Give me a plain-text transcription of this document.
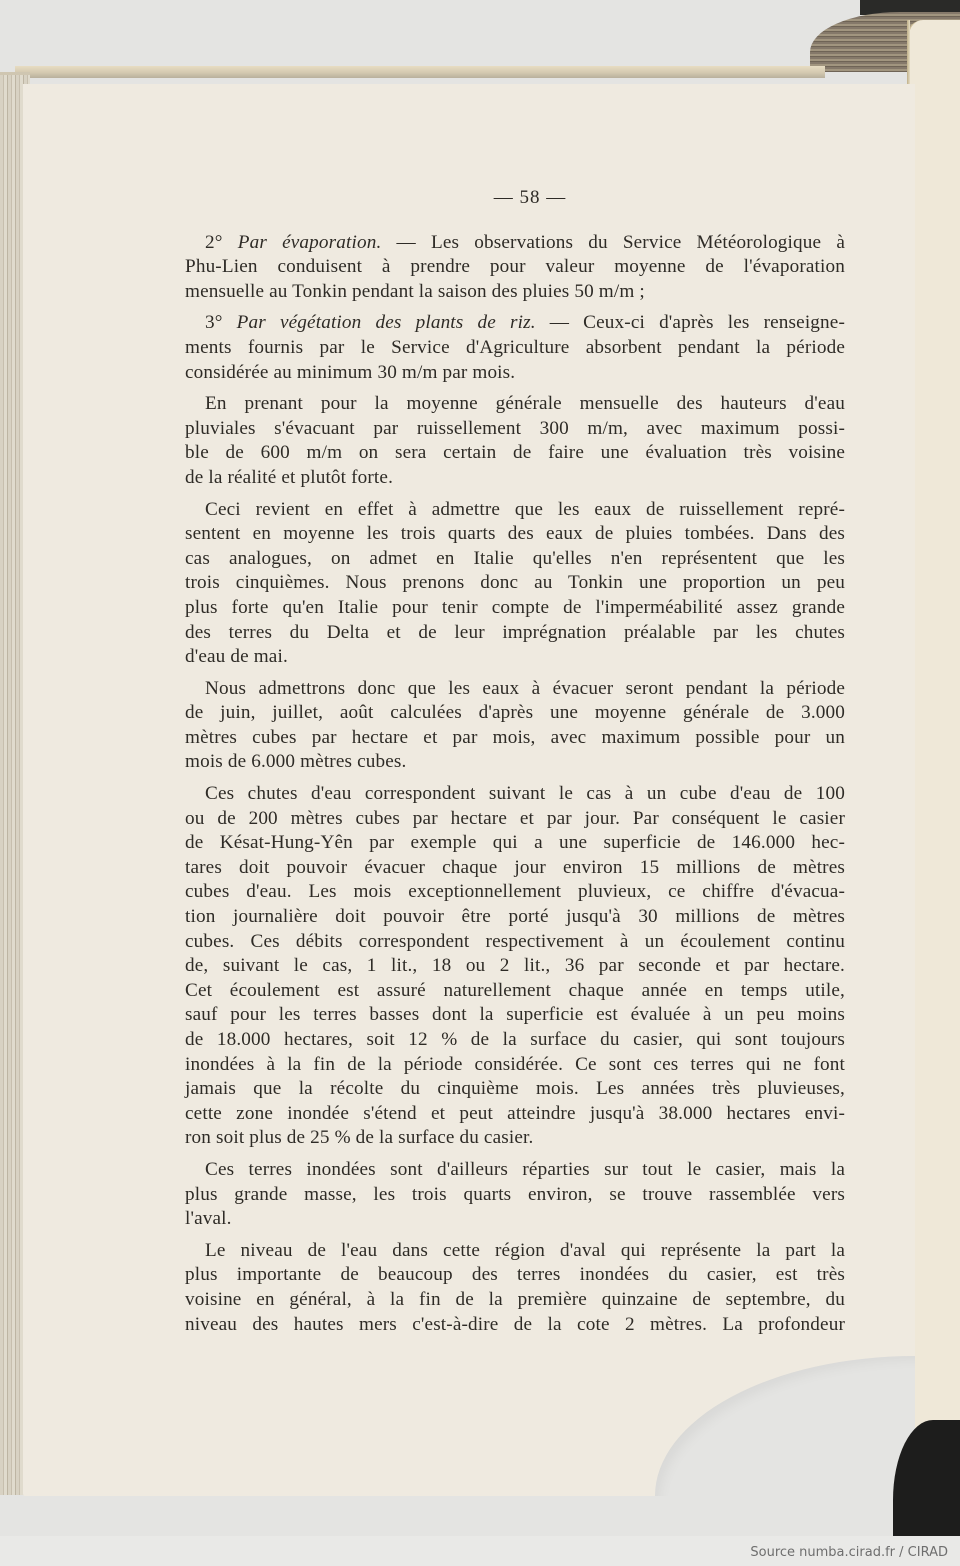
— 58 —

2° Par évaporation. — Les observations du Service Météorologique à
Phu-Lien conduisent à prendre pour valeur moyenne de l'évaporation
mensuelle au Tonkin pendant la saison des pluies 50 m/m ;

3° Par végétation des plants de riz. — Ceux-ci d'après les renseigne-
ments fournis par le Service d'Agriculture absorbent pendant la période
considérée au minimum 30 m/m par mois.

En prenant pour la moyenne générale mensuelle des hauteurs d'eau
pluviales s'évacuant par ruissellement 300 m/m, avec maximum possi-
ble de 600 m/m on sera certain de faire une évaluation très voisine
de la réalité et plutôt forte.

Ceci revient en effet à admettre que les eaux de ruissellement repré-
sentent en moyenne les trois quarts des eaux de pluies tombées. Dans des
cas analogues, on admet en Italie qu'elles n'en représentent que les
trois cinquièmes. Nous prenons donc au Tonkin une proportion un peu
plus forte qu'en Italie pour tenir compte de l'imperméabilité assez grande
des terres du Delta et de leur imprégnation préalable par les chutes
d'eau de mai.

Nous admettrons donc que les eaux à évacuer seront pendant la période
de juin, juillet, août calculées d'après une moyenne générale de 3.000
mètres cubes par hectare et par mois, avec maximum possible pour un
mois de 6.000 mètres cubes.

Ces chutes d'eau correspondent suivant le cas à un cube d'eau de 100
ou de 200 mètres cubes par hectare et par jour. Par conséquent le casier
de Késat-Hung-Yên par exemple qui a une superficie de 146.000 hec-
tares doit pouvoir évacuer chaque jour environ 15 millions de mètres
cubes d'eau. Les mois exceptionnellement pluvieux, ce chiffre d'évacua-
tion journalière doit pouvoir être porté jusqu'à 30 millions de mètres
cubes. Ces débits correspondent respectivement à un écoulement continu
de, suivant le cas, 1 lit., 18 ou 2 lit., 36 par seconde et par hectare.
Cet écoulement est assuré naturellement chaque année en temps utile,
sauf pour les terres basses dont la superficie est évaluée à un peu moins
de 18.000 hectares, soit 12 % de la surface du casier, qui sont toujours
inondées à la fin de la période considérée. Ce sont ces terres qui ne font
jamais que la récolte du cinquième mois. Les années très pluvieuses,
cette zone inondée s'étend et peut atteindre jusqu'à 38.000 hectares envi-
ron soit plus de 25 % de la surface du casier.

Ces terres inondées sont d'ailleurs réparties sur tout le casier, mais la
plus grande masse, les trois quarts environ, se trouve rassemblée vers
l'aval.

Le niveau de l'eau dans cette région d'aval qui représente la part la
plus importante de beaucoup des terres inondées du casier, est très
voisine en général, à la fin de la première quinzaine de septembre, du
niveau des hautes mers c'est-à-dire de la cote 2 mètres. La profondeur

Source numba.cirad.fr / CIRAD
